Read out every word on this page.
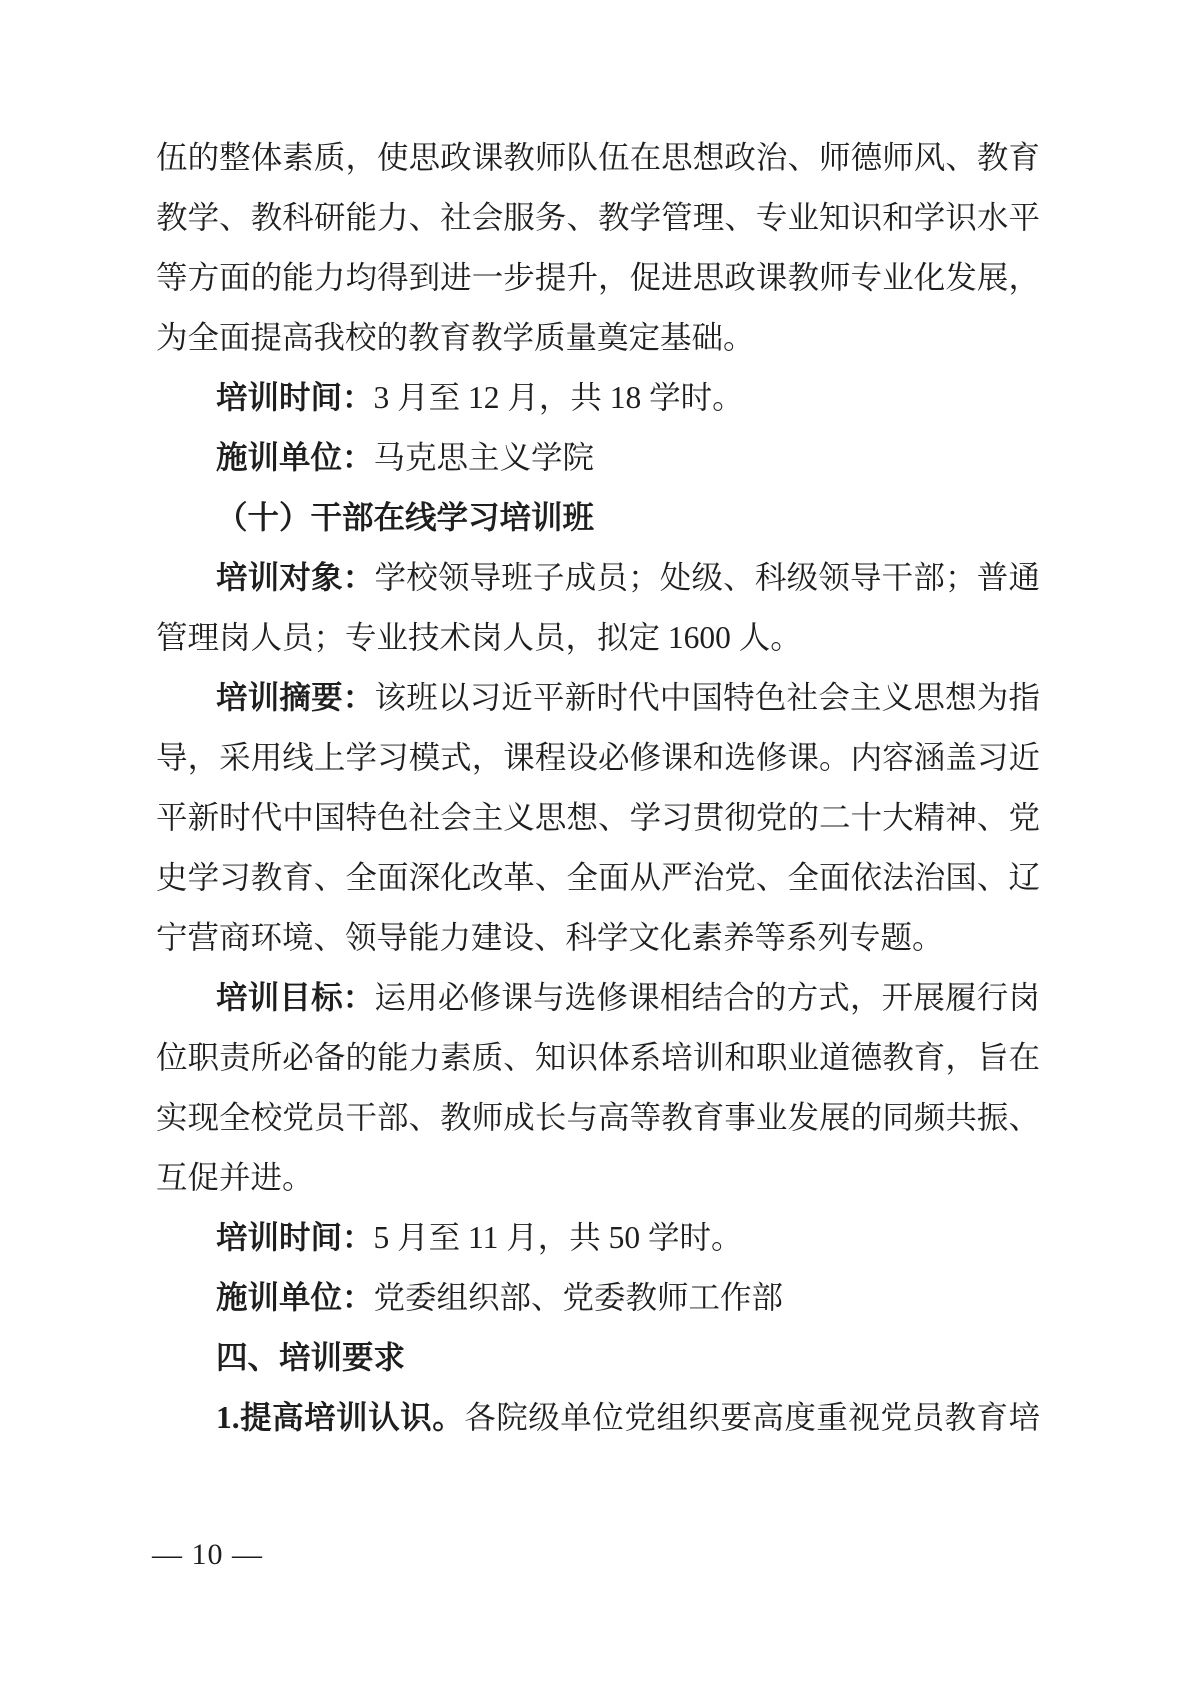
伍的整体素质，使思政课教师队伍在思想政治、师德师风、教育
教学、教科研能力、社会服务、教学管理、专业知识和学识水平
等方面的能力均得到进一步提升，促进思政课教师专业化发展，
为全面提高我校的教育教学质量奠定基础。
培训时间：3 月至 12 月，共 18 学时。
施训单位：马克思主义学院
（十）干部在线学习培训班
培训对象：学校领导班子成员；处级、科级领导干部；普通
管理岗人员；专业技术岗人员，拟定 1600 人。
培训摘要：该班以习近平新时代中国特色社会主义思想为指
导，采用线上学习模式，课程设必修课和选修课。内容涵盖习近
平新时代中国特色社会主义思想、学习贯彻党的二十大精神、党
史学习教育、全面深化改革、全面从严治党、全面依法治国、辽
宁营商环境、领导能力建设、科学文化素养等系列专题。
培训目标：运用必修课与选修课相结合的方式，开展履行岗
位职责所必备的能力素质、知识体系培训和职业道德教育，旨在
实现全校党员干部、教师成长与高等教育事业发展的同频共振、
互促并进。
培训时间：5 月至 11 月，共 50 学时。
施训单位：党委组织部、党委教师工作部
四、培训要求
1.提高培训认识。各院级单位党组织要高度重视党员教育培
— 10 —
